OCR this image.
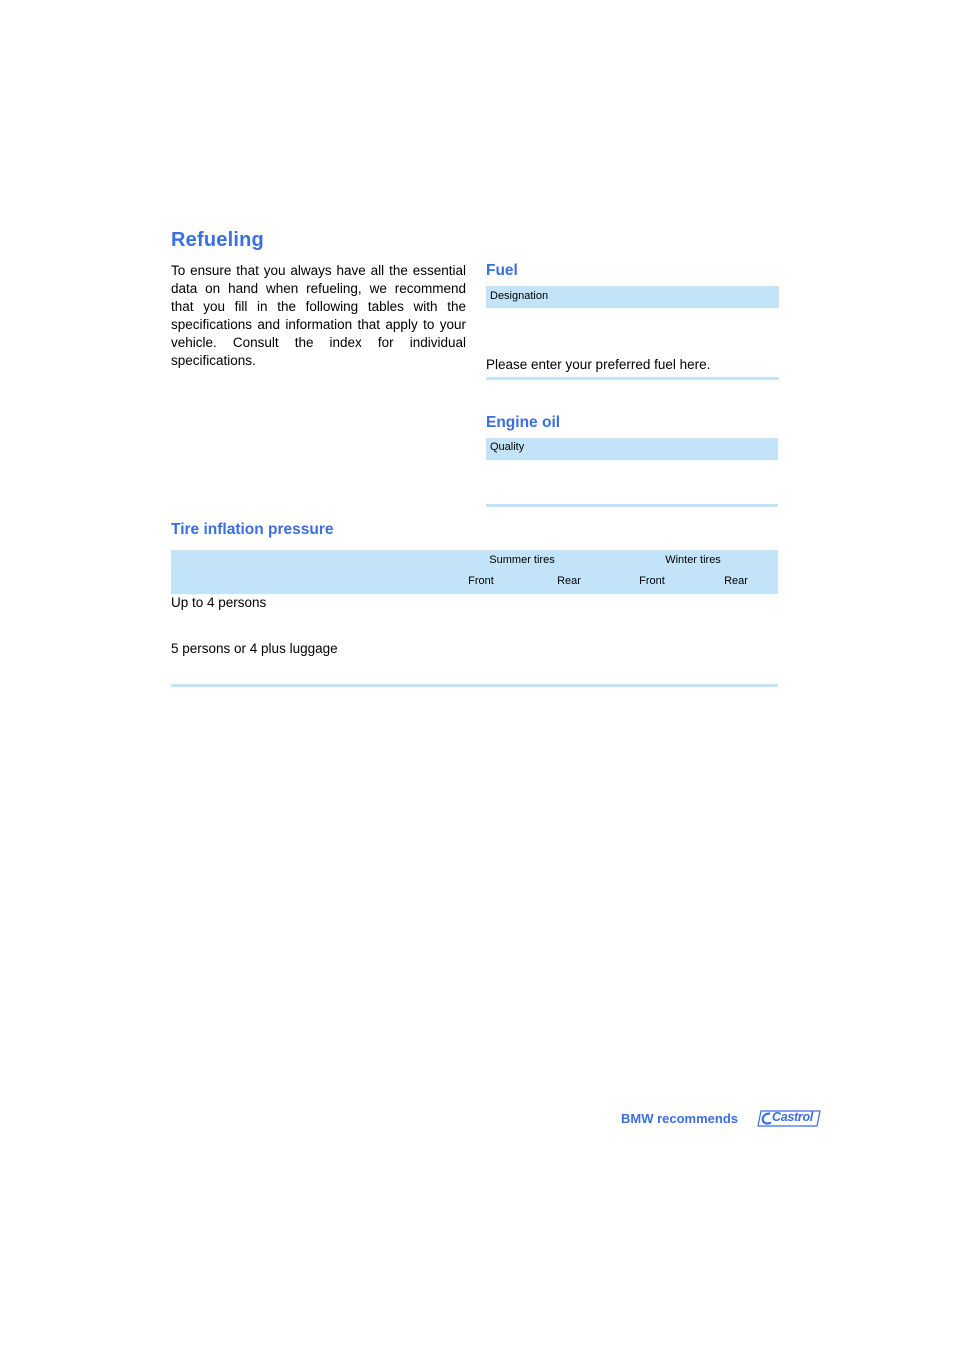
Refueling
To ensure that you always have all the essential data on hand when refueling, we recommend that you fill in the following tables with the specifications and information that apply to your vehicle. Consult the index for individual specifications.
Fuel
Designation
Please enter your preferred fuel here.
Engine oil
Quality
Tire inflation pressure
Summer tires	Winter tires
Front	Rear	Front	Rear
Up to 4 persons
5 persons or 4 plus luggage
BMW recommends	Castrol
